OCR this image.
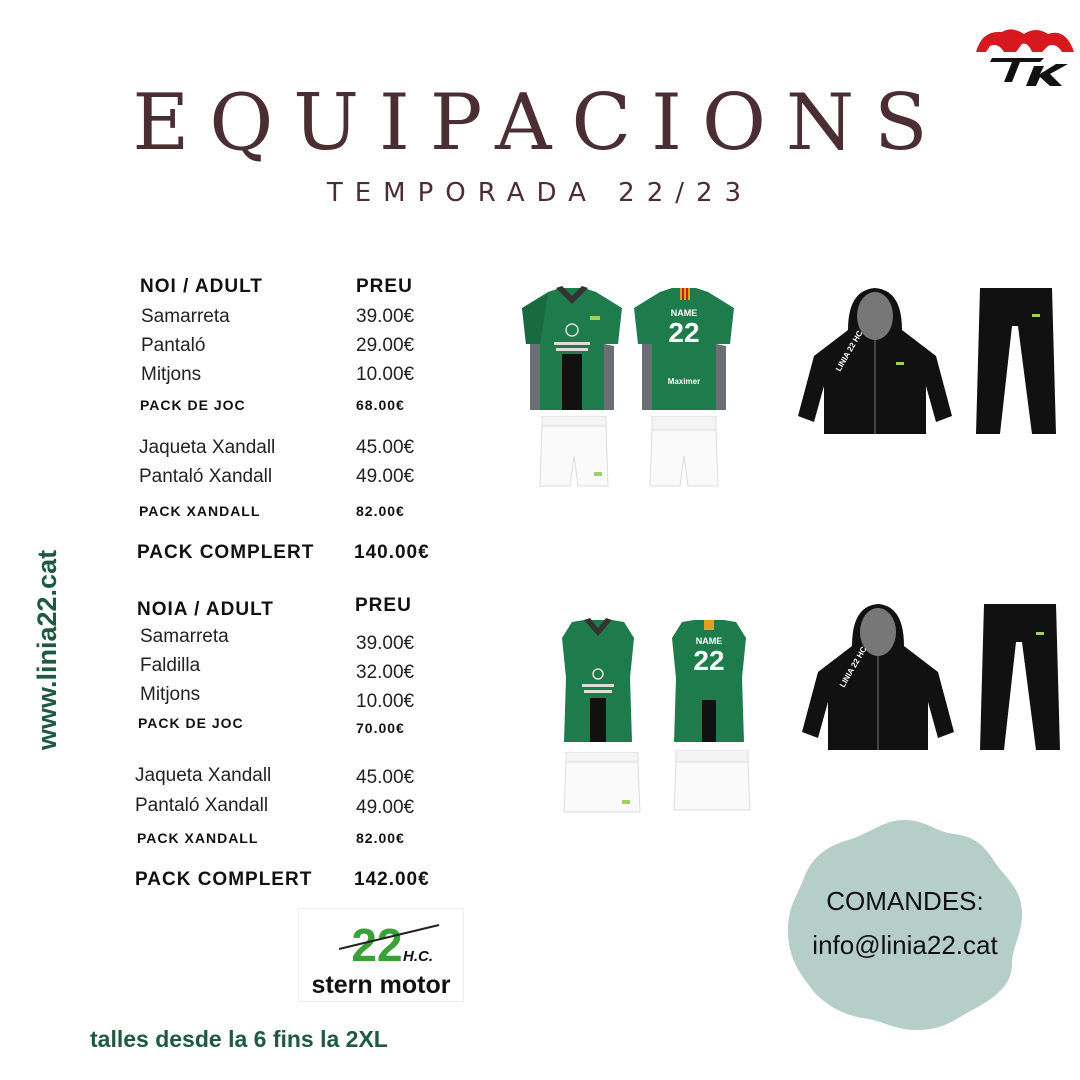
EQUIPACIONS
TEMPORADA 22/23
www.linia22.cat
NOI / ADULT	PREU
Samarreta	39.00€
Pantaló	29.00€
Mitjons	10.00€
PACK DE JOC	68.00€
Jaqueta Xandall	45.00€
Pantaló Xandall	49.00€
PACK XANDALL	82.00€
PACK COMPLERT 140.00€
NOIA / ADULT	PREU
Samarreta	39.00€
Faldilla	32.00€
Mitjons	10.00€
PACK DE JOC	70.00€
Jaqueta Xandall	45.00€
Pantaló Xandall	49.00€
PACK XANDALL	82.00€
PACK COMPLERT 142.00€
NAME
22
Maximer
LINIA 22 HC
NAME
22	LINIA 22 HC
22 H.C.
stern motor
COMANDES:
info@linia22.cat
talles desde la 6 fins la 2XL
